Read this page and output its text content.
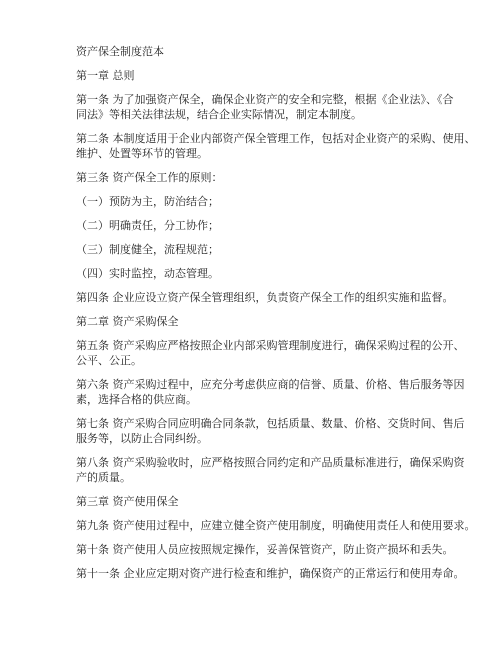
资产保全制度范本

第一章 总则

第一条 为了加强资产保全，确保企业资产的安全和完整，根据《企业法》、《合

同法》等相关法律法规，结合企业实际情况，制定本制度。

第二条 本制度适用于企业内部资产保全管理工作，包括对企业资产的采购、使用、

维护、处置等环节的管理。

第三条 资产保全工作的原则：

（一）预防为主，防治结合；

（二）明确责任，分工协作；

（三）制度健全，流程规范；

（四）实时监控，动态管理。

第四条 企业应设立资产保全管理组织，负责资产保全工作的组织实施和监督。

第二章 资产采购保全

第五条 资产采购应严格按照企业内部采购管理制度进行，确保采购过程的公开、

公平、公正。

第六条 资产采购过程中，应充分考虑供应商的信誉、质量、价格、售后服务等因

素，选择合格的供应商。

第七条 资产采购合同应明确合同条款，包括质量、数量、价格、交货时间、售后

服务等，以防止合同纠纷。

第八条 资产采购验收时，应严格按照合同约定和产品质量标准进行，确保采购资

产的质量。

第三章 资产使用保全

第九条 资产使用过程中，应建立健全资产使用制度，明确使用责任人和使用要求。

第十条 资产使用人员应按照规定操作，妥善保管资产，防止资产损坏和丢失。

第十一条 企业应定期对资产进行检查和维护，确保资产的正常运行和使用寿命。
